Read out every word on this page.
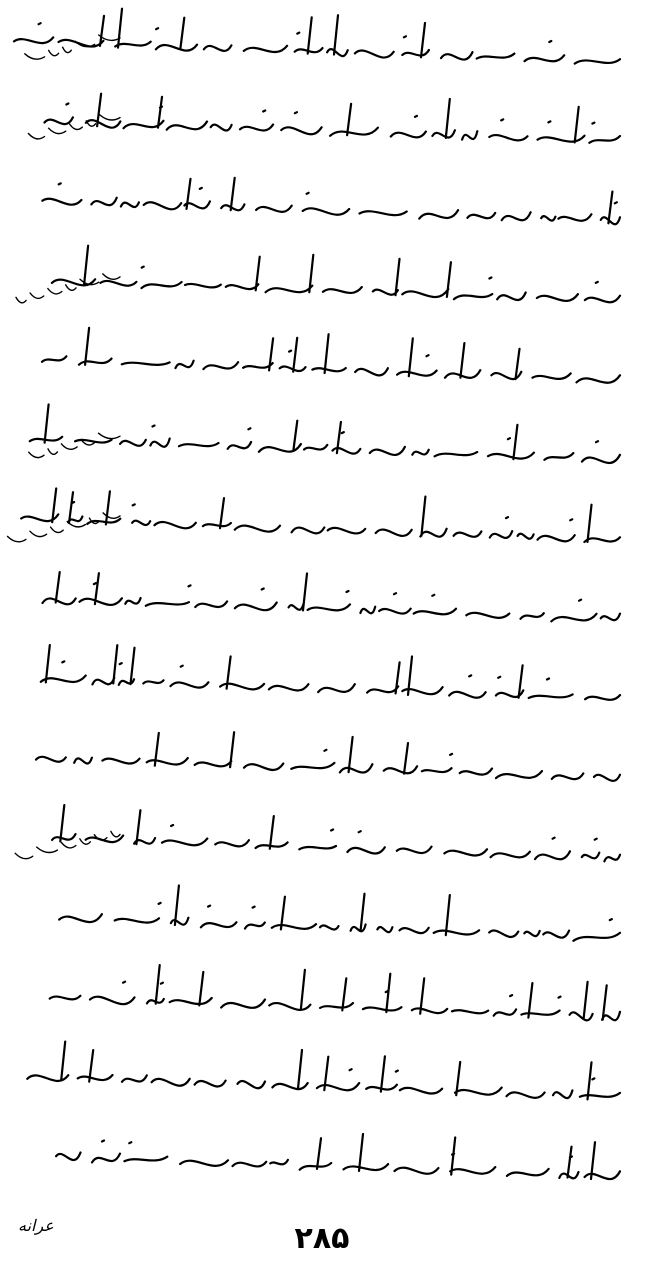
عرانه	۲۸۵
